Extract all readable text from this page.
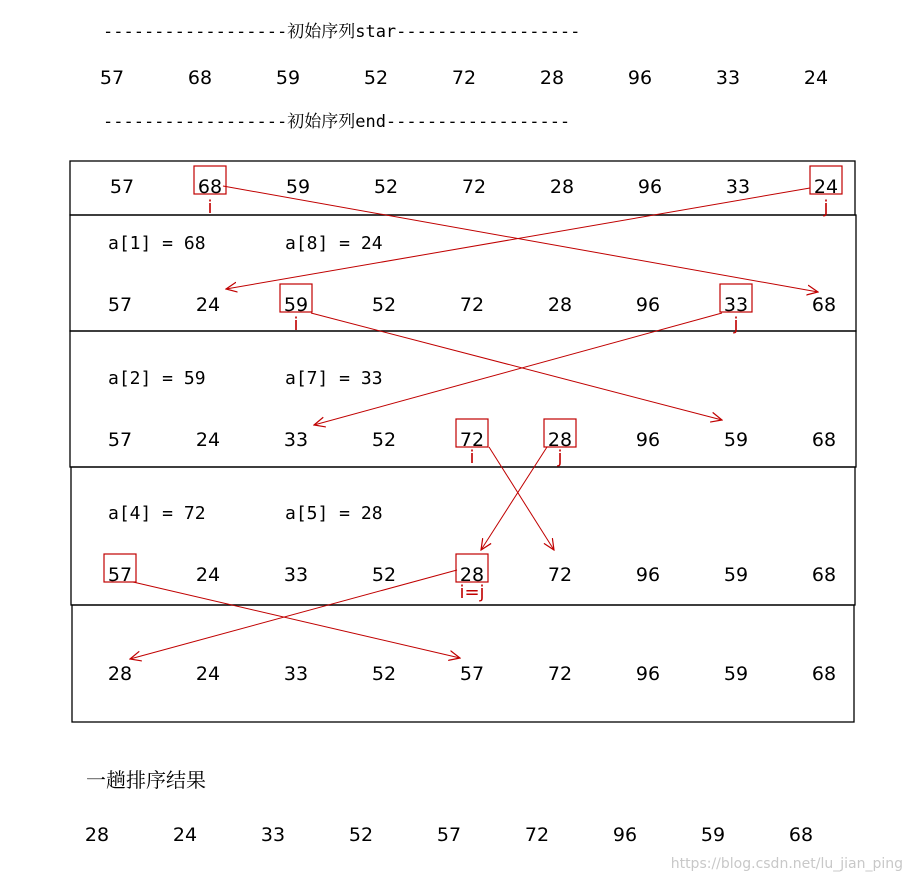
------------------初始序列star------------------
57	68	59	52	72	28	96	33	24
------------------初始序列end------------------
a[1] = 68	a[8] = 24
a[2] = 59	a[7] = 33
a[4] = 72	a[5] = 28
57	68	59	52	72	28	96	33	24
i	j
57	24	59	52	72	28	96	33	68
i	j
57	24	33	52	72	28	96	59	68
i	j
57	24	33	52	28	72	96	59	68
i=j
28	24	33	52	57	72	96	59	68
一趟排序结果
28	24	33	52	57	72	96	59	68
https://blog.csdn.net/lu_jian_ping
